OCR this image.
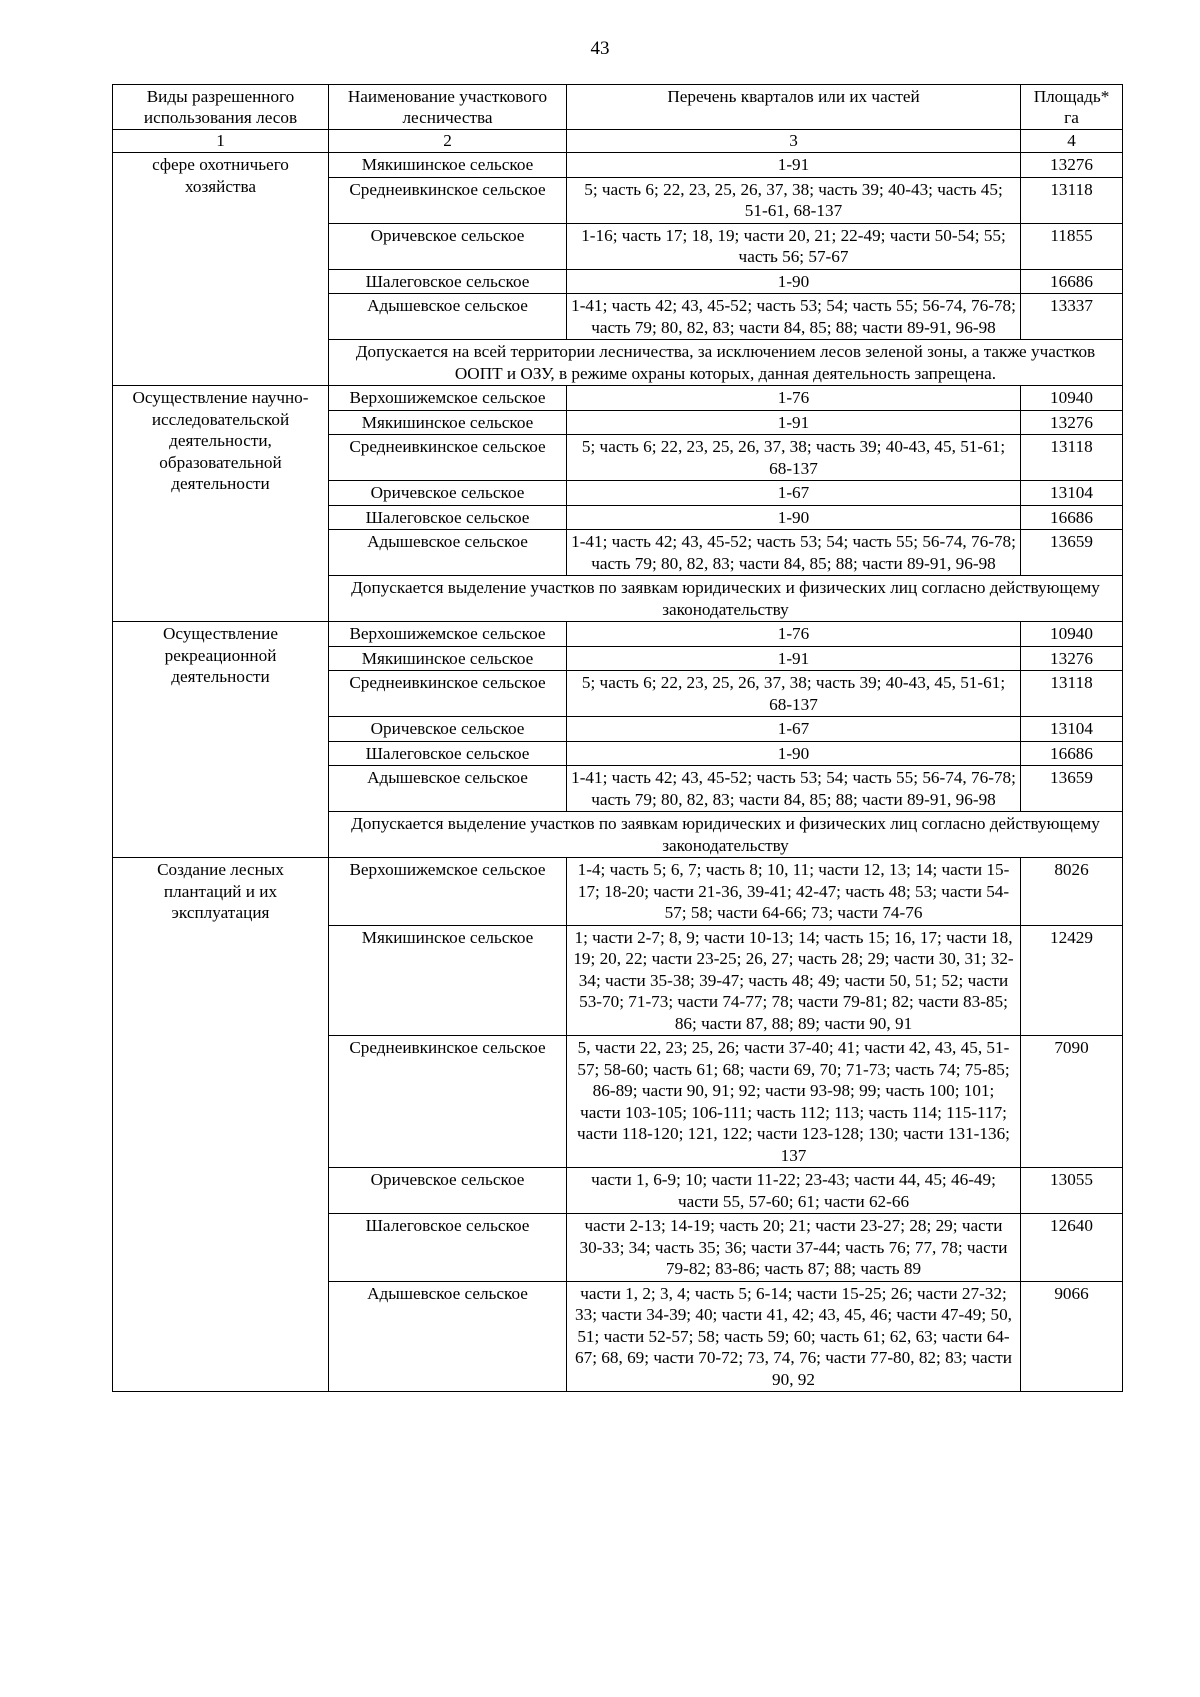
43
Виды разрешенного использования лесов	Наименование участкового лесничества	Перечень кварталов или их частей	Площадь* га
1	2	3	4
сфере охотничьего хозяйства	Мякишинское сельское	1-91	13276
	Среднеивкинское сельское	5; часть 6; 22, 23, 25, 26, 37, 38; часть 39; 40-43; часть 45; 51-61, 68-137	13118
	Оричевское сельское	1-16; часть 17; 18, 19; части 20, 21; 22-49; части 50-54; 55; часть 56; 57-67	11855
	Шалеговское сельское	1-90	16686
	Адышевское сельское	1-41; часть 42; 43, 45-52; часть 53; 54; часть 55; 56-74, 76-78; часть 79; 80, 82, 83; части 84, 85; 88; части 89-91, 96-98	13337
	Допускается на всей территории лесничества, за исключением лесов зеленой зоны, а также участков ООПТ и ОЗУ, в режиме охраны которых, данная деятельность запрещена.		
Осуществление научно-исследовательской деятельности, образовательной деятельности	Верхошижемское сельское	1-76	10940
	Мякишинское сельское	1-91	13276
	Среднеивкинское сельское	5; часть 6; 22, 23, 25, 26, 37, 38; часть 39; 40-43, 45, 51-61; 68-137	13118
	Оричевское сельское	1-67	13104
	Шалеговское сельское	1-90	16686
	Адышевское сельское	1-41; часть 42; 43, 45-52; часть 53; 54; часть 55; 56-74, 76-78; часть 79; 80, 82, 83; части 84, 85; 88; части 89-91, 96-98	13659
	Допускается выделение участков по заявкам юридических и физических лиц согласно действующему законодательству		
Осуществление рекреационной деятельности	Верхошижемское сельское	1-76	10940
	Мякишинское сельское	1-91	13276
	Среднеивкинское сельское	5; часть 6; 22, 23, 25, 26, 37, 38; часть 39; 40-43, 45, 51-61; 68-137	13118
	Оричевское сельское	1-67	13104
	Шалеговское сельское	1-90	16686
	Адышевское сельское	1-41; часть 42; 43, 45-52; часть 53; 54; часть 55; 56-74, 76-78; часть 79; 80, 82, 83; части 84, 85; 88; части 89-91, 96-98	13659
	Допускается выделение участков по заявкам юридических и физических лиц согласно действующему законодательству		
Создание лесных плантаций и их эксплуатация	Верхошижемское сельское	1-4; часть 5; 6, 7; часть 8; 10, 11; части 12, 13; 14; части 15-17; 18-20; части 21-36, 39-41; 42-47; часть 48; 53; части 54-57; 58; части 64-66; 73; части 74-76	8026
	Мякишинское сельское	1; части 2-7; 8, 9; части 10-13; 14; часть 15; 16, 17; части 18, 19; 20, 22; части 23-25; 26, 27; часть 28; 29; части 30, 31; 32-34; части 35-38; 39-47; часть 48; 49; части 50, 51; 52; части 53-70; 71-73; части 74-77; 78; части 79-81; 82; части 83-85; 86; части 87, 88; 89; части 90, 91	12429
	Среднеивкинское сельское	5, части 22, 23; 25, 26; части 37-40; 41; части 42, 43, 45, 51-57; 58-60; часть 61; 68; части 69, 70; 71-73; часть 74; 75-85; 86-89; части 90, 91; 92; части 93-98; 99; часть 100; 101; части 103-105; 106-111; часть 112; 113; часть 114; 115-117; части 118-120; 121, 122; части 123-128; 130; части 131-136; 137	7090
	Оричевское сельское	части 1, 6-9; 10; части 11-22; 23-43; части 44, 45; 46-49; части 55, 57-60; 61; части 62-66	13055
	Шалеговское сельское	части 2-13; 14-19; часть 20; 21; части 23-27; 28; 29; части 30-33; 34; часть 35; 36; части 37-44; часть 76; 77, 78; части 79-82; 83-86; часть 87; 88; часть 89	12640
	Адышевское сельское	части 1, 2; 3, 4; часть 5; 6-14; части 15-25; 26; части 27-32; 33; части 34-39; 40; части 41, 42; 43, 45, 46; части 47-49; 50, 51; части 52-57; 58; часть 59; 60; часть 61; 62, 63; части 64-67; 68, 69; части 70-72; 73, 74, 76; части 77-80, 82; 83; части 90, 92	9066
